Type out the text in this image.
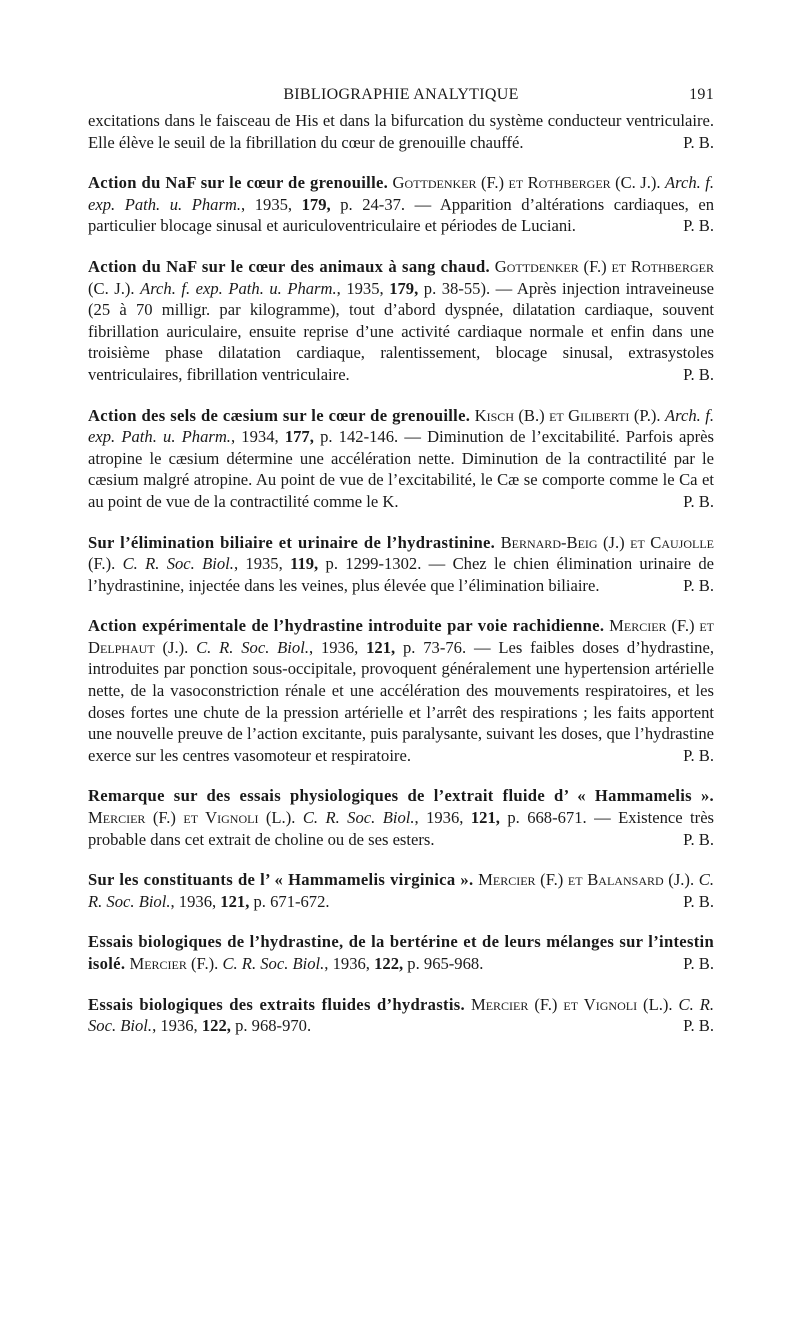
BIBLIOGRAPHIE ANALYTIQUE	191

excitations dans le faisceau de His et dans la bifurcation du système conducteur ventriculaire. Elle élève le seuil de la fibrillation du cœur de grenouille chauffé.	P. B.

Action du NaF sur le cœur de grenouille. Gottdenker (F.) et Rothberger (C. J.). Arch. f. exp. Path. u. Pharm., 1935, 179, p. 24-37. — Apparition d’altérations cardiaques, en particulier blocage sinusal et auriculoventriculaire et périodes de Luciani.	P. B.

Action du NaF sur le cœur des animaux à sang chaud. Gottdenker (F.) et Rothberger (C. J.). Arch. f. exp. Path. u. Pharm., 1935, 179, p. 38-55). — Après injection intraveineuse (25 à 70 milligr. par kilogramme), tout d’abord dyspnée, dilatation cardiaque, souvent fibrillation auriculaire, ensuite reprise d’une activité cardiaque normale et enfin dans une troisième phase dilatation cardiaque, ralentissement, blocage sinusal, extrasystoles ventriculaires, fibrillation ventriculaire.	P. B.

Action des sels de cæsium sur le cœur de grenouille. Kisch (B.) et Giliberti (P.). Arch. f. exp. Path. u. Pharm., 1934, 177, p. 142-146. — Diminution de l’excitabilité. Parfois après atropine le cæsium détermine une accélération nette. Diminution de la contractilité par le cæsium malgré atropine. Au point de vue de l’excitabilité, le Cæ se comporte comme le Ca et au point de vue de la contractilité comme le K.	P. B.

Sur l’élimination biliaire et urinaire de l’hydrastinine. Bernard-Beig (J.) et Caujolle (F.). C. R. Soc. Biol., 1935, 119, p. 1299-1302. — Chez le chien élimination urinaire de l’hydrastinine, injectée dans les veines, plus élevée que l’élimination biliaire.	P. B.

Action expérimentale de l’hydrastine introduite par voie rachidienne. Mercier (F.) et Delphaut (J.). C. R. Soc. Biol., 1936, 121, p. 73-76. — Les faibles doses d’hydrastine, introduites par ponction sous-occipitale, provoquent généralement une hypertension artérielle nette, de la vasoconstriction rénale et une accélération des mouvements respiratoires, et les doses fortes une chute de la pression artérielle et l’arrêt des respirations ; les faits apportent une nouvelle preuve de l’action excitante, puis paralysante, suivant les doses, que l’hydrastine exerce sur les centres vasomoteur et respiratoire.	P. B.

Remarque sur des essais physiologiques de l’extrait fluide d’ « Hammamelis ». Mercier (F.) et Vignoli (L.). C. R. Soc. Biol., 1936, 121, p. 668-671. — Existence très probable dans cet extrait de choline ou de ses esters.	P. B.

Sur les constituants de l’ « Hammamelis virginica ». Mercier (F.) et Balansard (J.). C. R. Soc. Biol., 1936, 121, p. 671-672.	P. B.

Essais biologiques de l’hydrastine, de la bertérine et de leurs mélanges sur l’intestin isolé. Mercier (F.). C. R. Soc. Biol., 1936, 122, p. 965-968.	P. B.

Essais biologiques des extraits fluides d’hydrastis. Mercier (F.) et Vignoli (L.). C. R. Soc. Biol., 1936, 122, p. 968-970.	P. B.
